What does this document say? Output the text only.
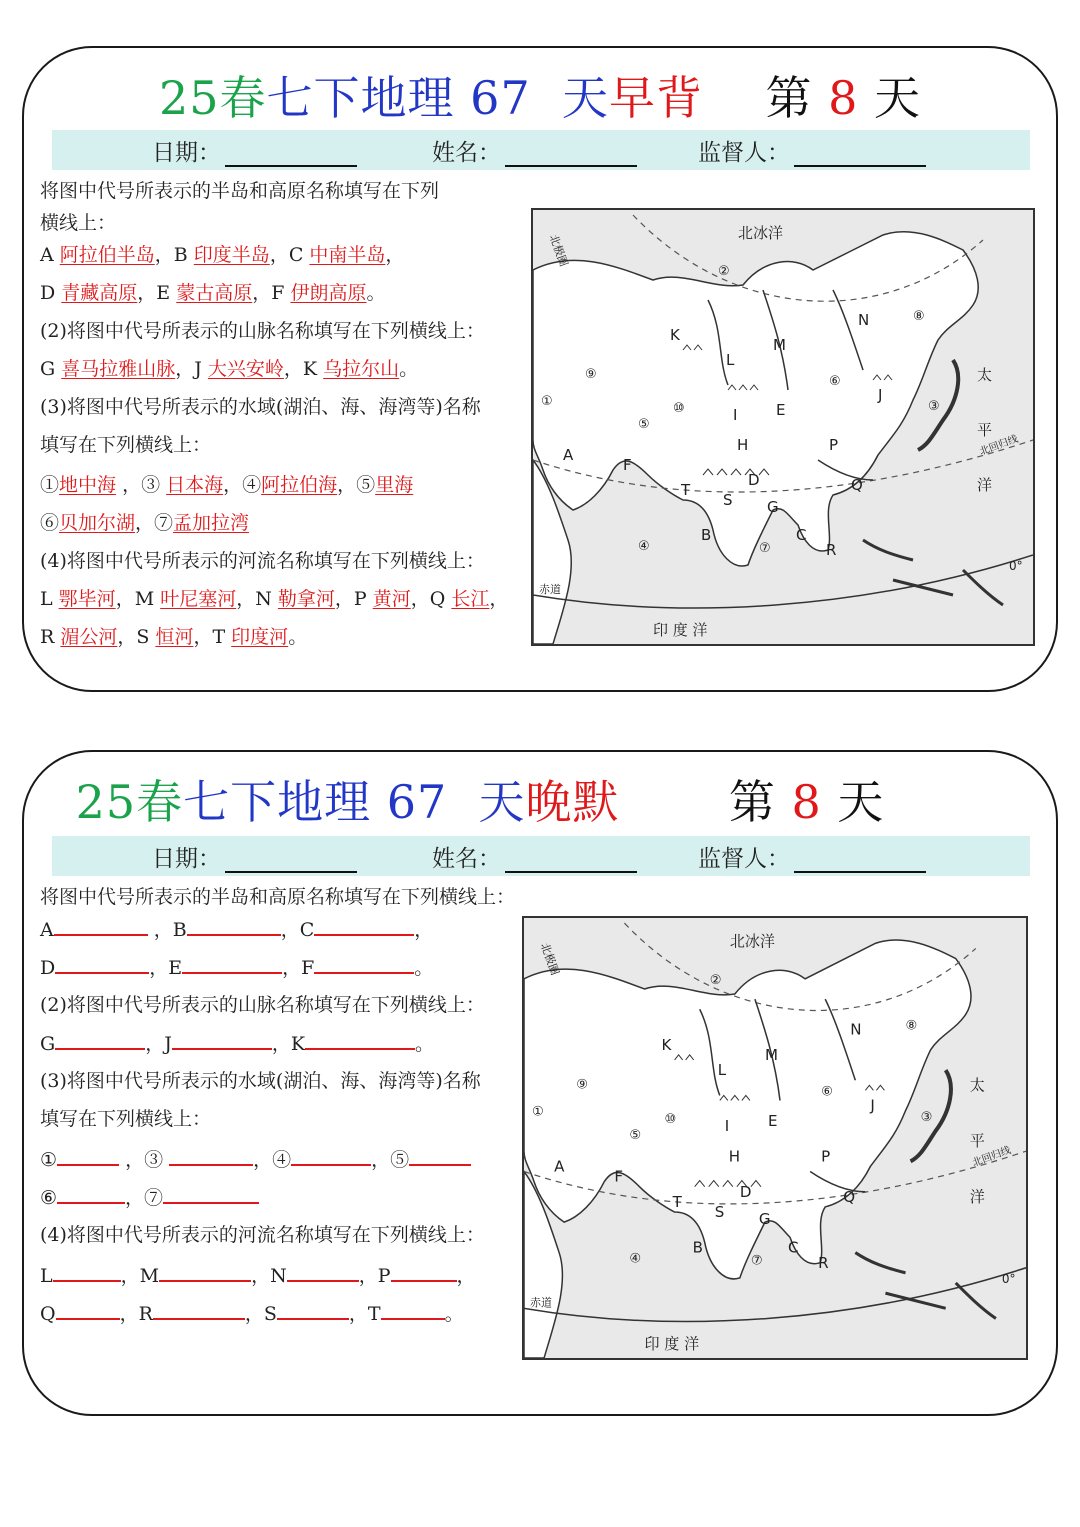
25春七下地理 67 天早背 第 8 天
日期：	姓名：	监督人：
将图中代号所表示的半岛和高原名称填写在下列
横线上：
A 阿拉伯半岛，B 印度半岛，C 中南半岛，
D 青藏高原，E 蒙古高原，F 伊朗高原。
(2)将图中代号所表示的山脉名称填写在下列横线上：
G 喜马拉雅山脉，J 大兴安岭，K 乌拉尔山。
(3)将图中代号所表示的水域(湖泊、海、海湾等)名称
填写在下列横线上：
①地中海 ，③ 日本海，④阿拉伯海，⑤里海
⑥贝加尔湖，⑦孟加拉湾
(4)将图中代号所表示的河流名称填写在下列横线上：
L 鄂毕河，M 叶尼塞河，N 勒拿河，P 黄河，Q 长江，
R 湄公河，S 恒河，T 印度河。
北冰洋
北极圈
太
平
洋
北回归线
印 度 洋
赤道
0°
A
B	C
D
E
F
G
H
I
J
K
L
M
N
P
Q
R
S
T
①
②
③
④
⑤
⑥
⑦
⑧
⑨
⑩
25春七下地理 67 天晚默 第 8 天
日期：	姓名：	监督人：
将图中代号所表示的半岛和高原名称填写在下列横线上：
A	，B	，C	，
D	，E	，F	。
(2)将图中代号所表示的山脉名称填写在下列横线上：
G	，J	，K	。
(3)将图中代号所表示的水域(湖泊、海、海湾等)名称
填写在下列横线上：
①	，③	，④	，⑤
⑥	，⑦
(4)将图中代号所表示的河流名称填写在下列横线上：
L	，M	，N	，P	，
Q	，R	，S	，T	。
北冰洋
北极圈
太
平
洋
北回归线
印 度 洋
赤道
0°
A
B	C
D
E
F
G
H
I
J
K
L
M
N
P
Q
R
S
T
①
②
③
④
⑤
⑥
⑦
⑧
⑨
⑩
